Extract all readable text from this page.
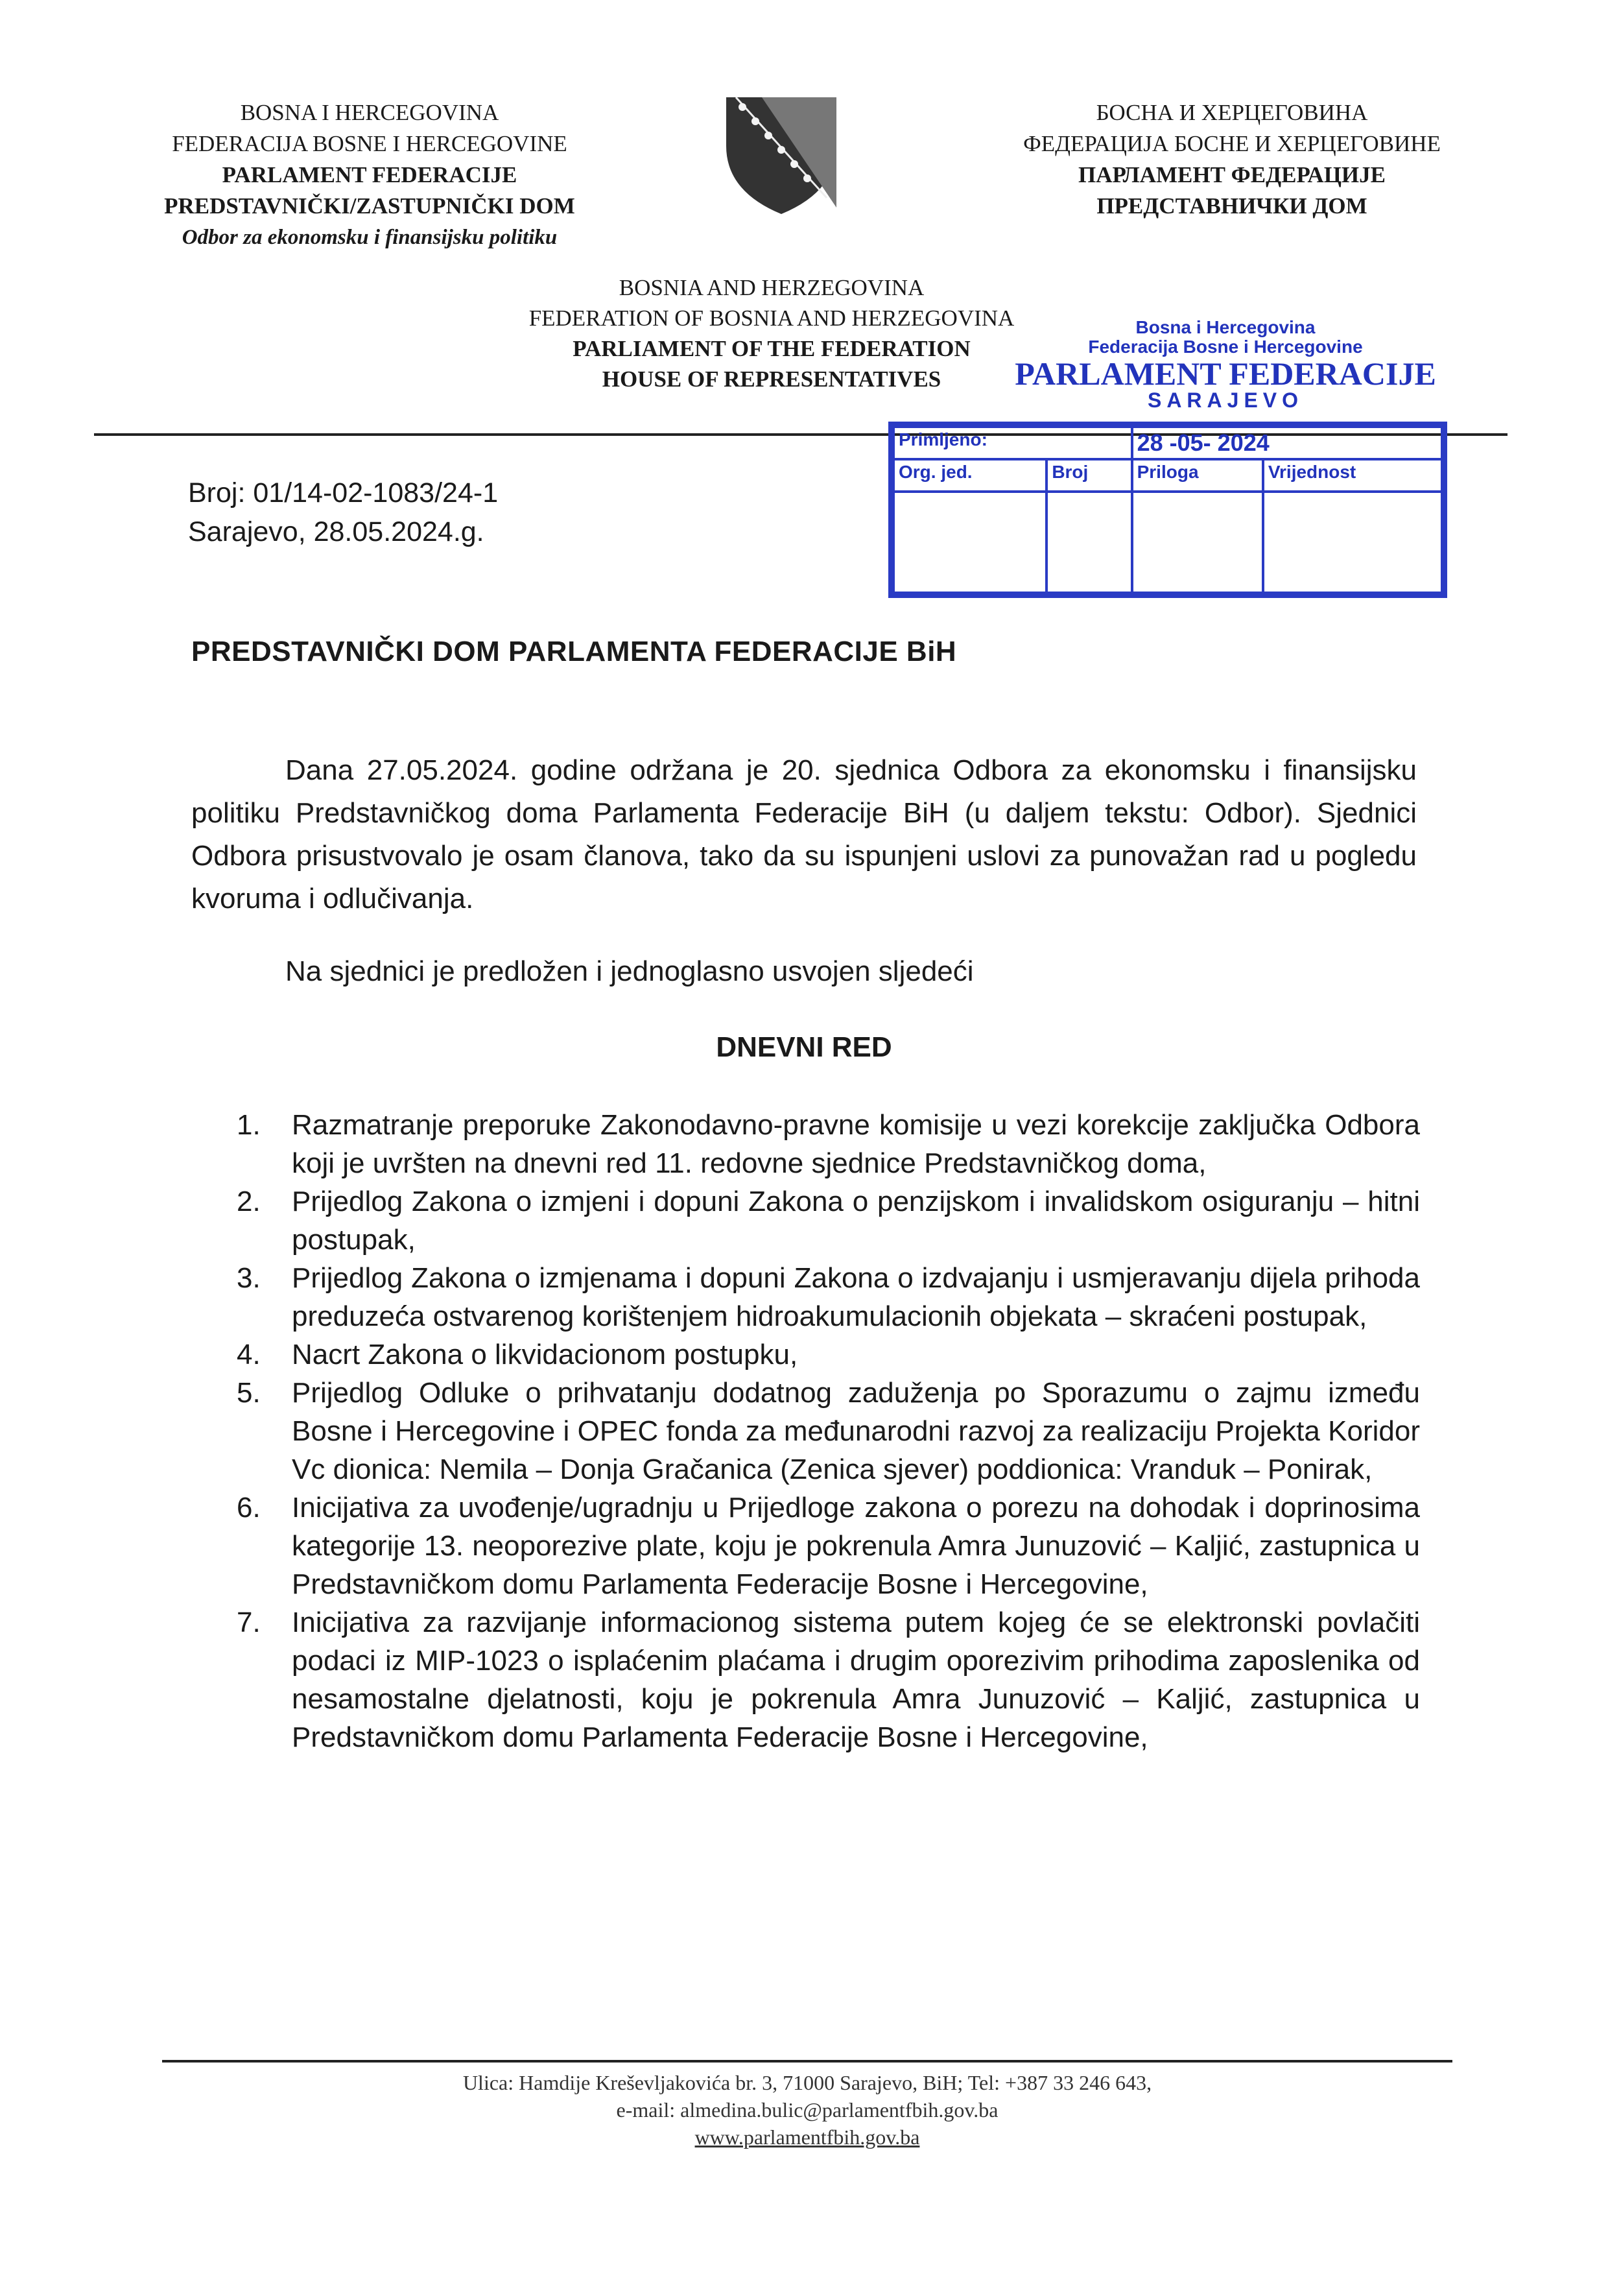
BOSNA I HERCEGOVINA
FEDERACIJA BOSNE I HERCEGOVINE
PARLAMENT FEDERACIJE
PREDSTAVNIČKI/ZASTUPNIČKI DOM
Odbor za ekonomsku i finansijsku politiku
БОСНА И ХЕРЦЕГОВИНА
ФЕДЕРАЦИЈА БОСНЕ И ХЕРЦЕГОВИНЕ
ПАРЛАМЕНТ ФЕДЕРАЦИЈЕ
ПРЕДСТАВНИЧКИ ДОМ
BOSNIA AND HERZEGOVINA
FEDERATION OF BOSNIA AND HERZEGOVINA
PARLIAMENT OF THE FEDERATION
HOUSE OF REPRESENTATIVES
Bosna i Hercegovina
Federacija Bosne i Hercegovine
PARLAMENT FEDERACIJE
SARAJEVO
Primljeno:		28 -05- 2024	
Org. jed.	Broj	Priloga	Vrijednost

Broj: 01/14-02-1083/24-1
Sarajevo, 28.05.2024.g.
PREDSTAVNIČKI DOM PARLAMENTA FEDERACIJE BiH
Dana 27.05.2024. godine održana je 20. sjednica Odbora za ekonomsku i finansijsku politiku Predstavničkog doma Parlamenta Federacije BiH (u daljem tekstu: Odbor). Sjednici Odbora prisustvovalo je osam članova, tako da su ispunjeni uslovi za punovažan rad u pogledu kvoruma i odlučivanja.
Na sjednici je predložen i jednoglasno usvojen sljedeći
DNEVNI RED
1.	Razmatranje preporuke Zakonodavno-pravne komisije u vezi korekcije zaključka Odbora koji je uvršten na dnevni red 11. redovne sjednice Predstavničkog doma,
2.	Prijedlog Zakona o izmjeni i dopuni Zakona o penzijskom i invalidskom osiguranju – hitni postupak,
3.	Prijedlog Zakona o izmjenama i dopuni Zakona o izdvajanju i usmjeravanju dijela prihoda preduzeća ostvarenog korištenjem hidroakumulacionih objekata – skraćeni postupak,
4.	Nacrt Zakona o likvidacionom postupku,
5.	Prijedlog Odluke o prihvatanju dodatnog zaduženja po Sporazumu o zajmu između Bosne i Hercegovine i OPEC fonda za međunarodni razvoj za realizaciju Projekta Koridor Vc dionica: Nemila – Donja Gračanica (Zenica sjever) poddionica: Vranduk – Ponirak,
6.	Inicijativa za uvođenje/ugradnju u Prijedloge zakona o porezu na dohodak i doprinosima kategorije 13. neoporezive plate, koju je pokrenula Amra Junuzović – Kaljić, zastupnica u Predstavničkom domu Parlamenta Federacije Bosne i Hercegovine,
7.	Inicijativa za razvijanje informacionog sistema putem kojeg će se elektronski povlačiti podaci iz MIP-1023 o isplaćenim plaćama i drugim oporezivim prihodima zaposlenika od nesamostalne djelatnosti, koju je pokrenula Amra Junuzović – Kaljić, zastupnica u Predstavničkom domu Parlamenta Federacije Bosne i Hercegovine,
Ulica: Hamdije Kreševljakovića br. 3, 71000 Sarajevo, BiH; Tel: +387 33 246 643,
e-mail: almedina.bulic@parlamentfbih.gov.ba
www.parlamentfbih.gov.ba
